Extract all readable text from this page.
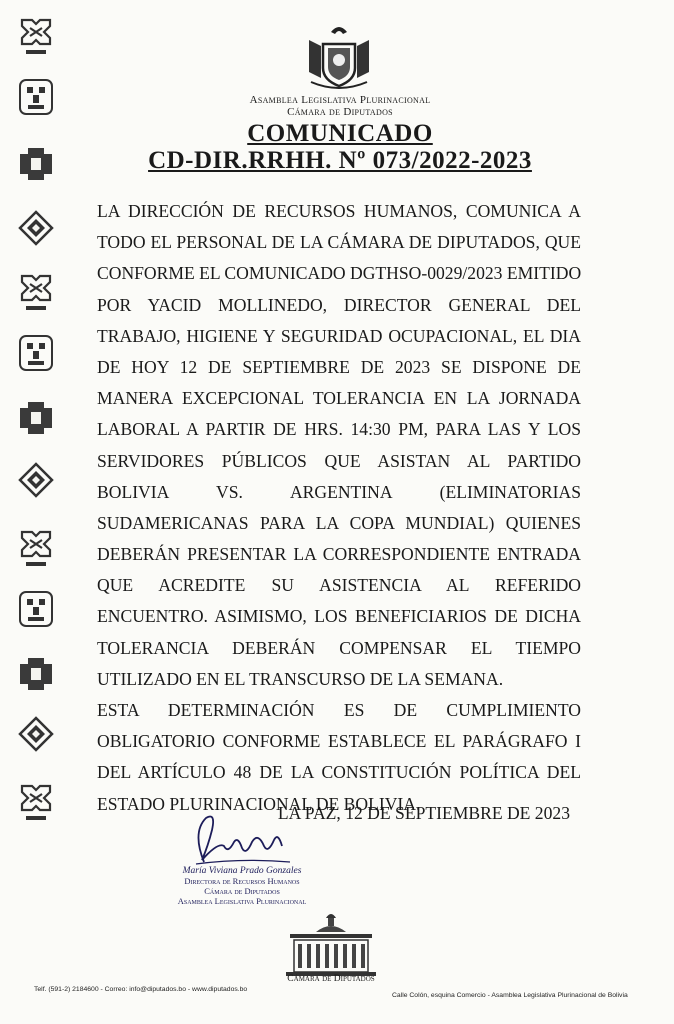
Asamblea Legislativa Plurinacional
Cámara de Diputados
COMUNICADO
CD-DIR.RRHH. Nº 073/2022-2023
LA DIRECCIÓN DE RECURSOS HUMANOS, COMUNICA A
TODO EL PERSONAL DE LA CÁMARA DE DIPUTADOS, QUE
CONFORME EL COMUNICADO DGTHSO-0029/2023 EMITIDO
POR YACID MOLLINEDO, DIRECTOR GENERAL DEL
TRABAJO, HIGIENE Y SEGURIDAD OCUPACIONAL, EL DIA
DE HOY 12 DE SEPTIEMBRE DE 2023 SE DISPONE DE
MANERA EXCEPCIONAL TOLERANCIA EN LA JORNADA
LABORAL A PARTIR DE HRS. 14:30 PM, PARA LAS Y LOS
SERVIDORES PÚBLICOS QUE ASISTAN AL PARTIDO
BOLIVIA VS. ARGENTINA (ELIMINATORIAS
SUDAMERICANAS PARA LA COPA MUNDIAL) QUIENES
DEBERÁN PRESENTAR LA CORRESPONDIENTE ENTRADA
QUE ACREDITE SU ASISTENCIA AL REFERIDO
ENCUENTRO. ASIMISMO, LOS BENEFICIARIOS DE DICHA
TOLERANCIA DEBERÁN COMPENSAR EL TIEMPO
UTILIZADO EN EL TRANSCURSO DE LA SEMANA.
ESTA DETERMINACIÓN ES DE CUMPLIMIENTO
OBLIGATORIO CONFORME ESTABLECE EL PARÁGRAFO I
DEL ARTÍCULO 48 DE LA CONSTITUCIÓN POLÍTICA DEL
ESTADO PLURINACIONAL DE BOLIVIA.
LA PAZ, 12 DE SEPTIEMBRE DE 2023
María Viviana Prado Gonzales
Directora de Recursos Humanos
Cámara de Diputados
Asamblea Legislativa Plurinacional
Cámara de Diputados
Telf. (591-2) 2184600 - Correo: info@diputados.bo - www.diputados.bo
Calle Colón, esquina Comercio - Asamblea Legislativa Plurinacional de Bolivia
